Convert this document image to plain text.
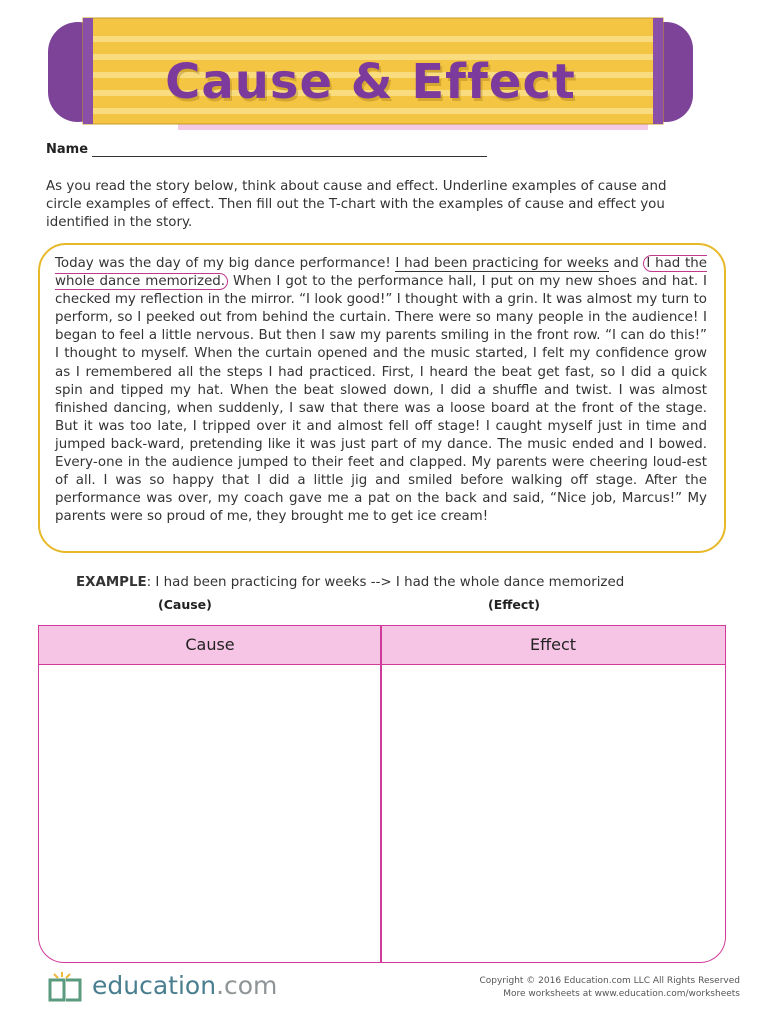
Cause & Effect
Name
As you read the story below, think about cause and effect. Underline examples of cause and circle examples of effect. Then fill out the T-chart with the examples of cause and effect you identified in the story.
Today was the day of my big dance performance! I had been practicing for weeks and I had the whole dance memorized. When I got to the performance hall, I put on my new shoes and hat. I checked my reflection in the mirror. “I look good!” I thought with a grin. It was almost my turn to perform, so I peeked out from behind the curtain. There were so many people in the audience! I began to feel a little nervous. But then I saw my parents smiling in the front row. “I can do this!” I thought to myself. When the curtain opened and the music started, I felt my confidence grow as I remembered all the steps I had practiced. First, I heard the beat get fast, so I did a quick spin and tipped my hat. When the beat slowed down, I did a shuffle and twist. I was almost finished dancing, when suddenly, I saw that there was a loose board at the front of the stage. But it was too late, I tripped over it and almost fell off stage! I caught myself just in time and jumped back-ward, pretending like it was just part of my dance. The music ended and I bowed. Every-one in the audience jumped to their feet and clapped. My parents were cheering loud-est of all. I was so happy that I did a little jig and smiled before walking off stage. After the performance was over, my coach gave me a pat on the back and said, “Nice job, Marcus!” My parents were so proud of me, they brought me to get ice cream!
EXAMPLE: I had been practicing for weeks --> I had the whole dance memorized
(Cause)	(Effect)
Cause	Effect
education.com	Copyright © 2016 Education.com LLC All Rights Reserved
More worksheets at www.education.com/worksheets
